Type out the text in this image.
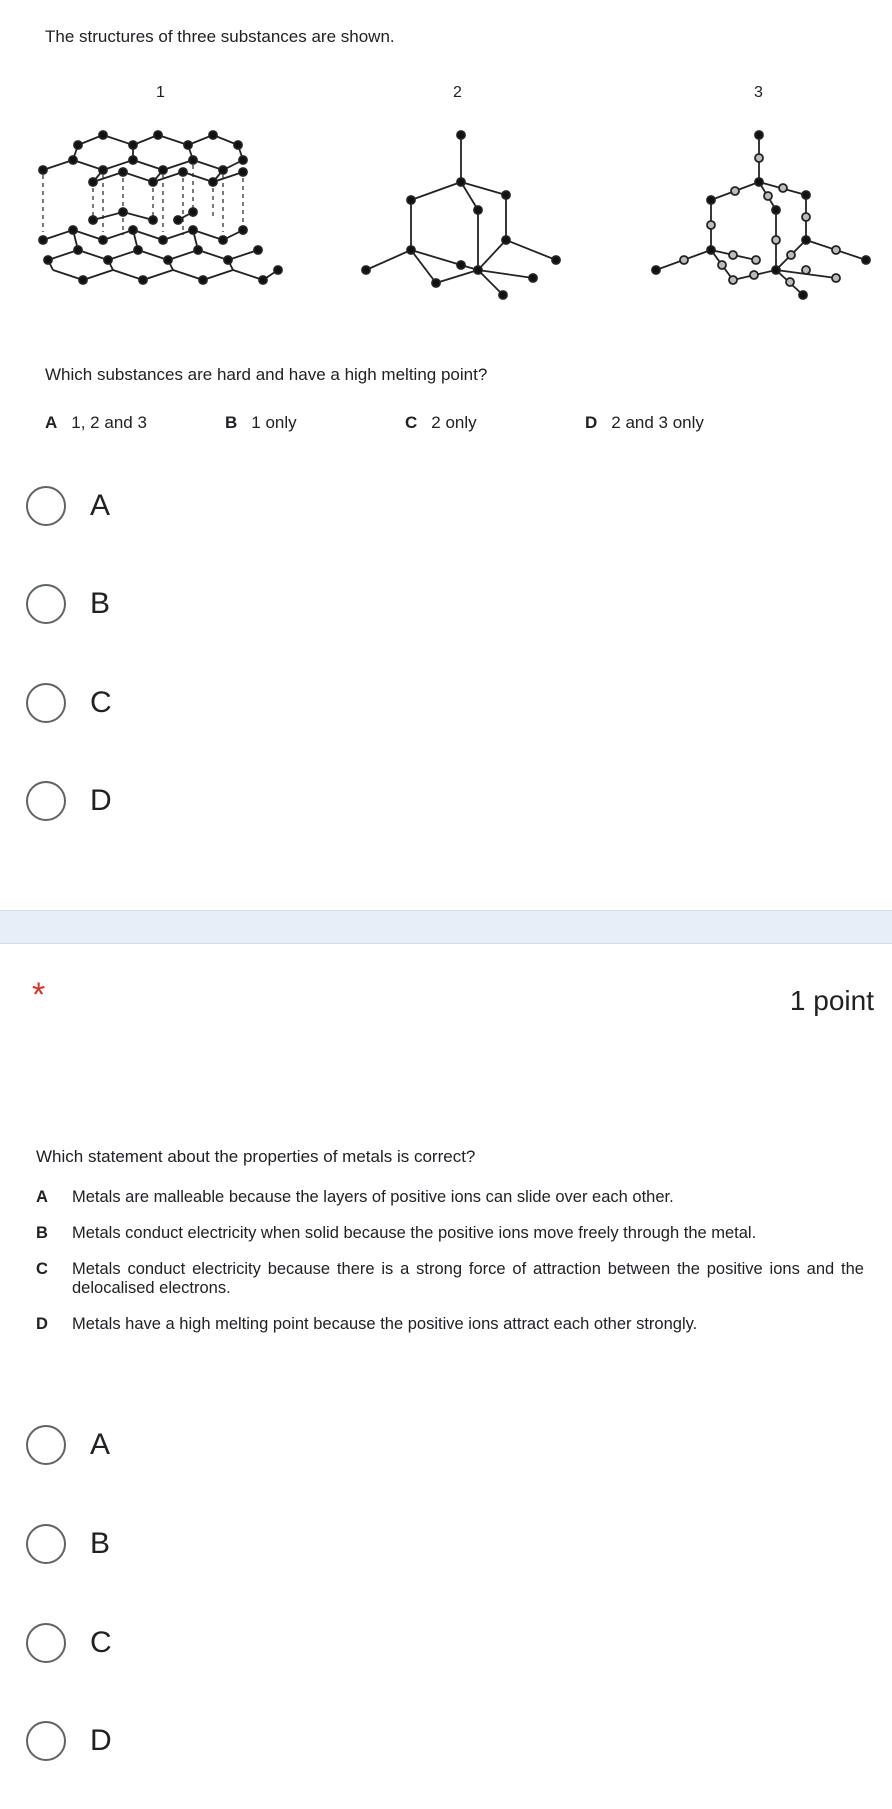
The structures of three substances are shown.
1	2	3
Which substances are hard and have a high melting point?
A 1, 2 and 3	B 1 only	C 2 only	D 2 and 3 only
A
B
C
D
*	1 point
Which statement about the properties of metals is correct?
A	Metals are malleable because the layers of positive ions can slide over each other.
B	Metals conduct electricity when solid because the positive ions move freely through the metal.
C	Metals conduct electricity because there is a strong force of attraction between the positive ions and the delocalised electrons.
D	Metals have a high melting point because the positive ions attract each other strongly.
A
B
C
D
